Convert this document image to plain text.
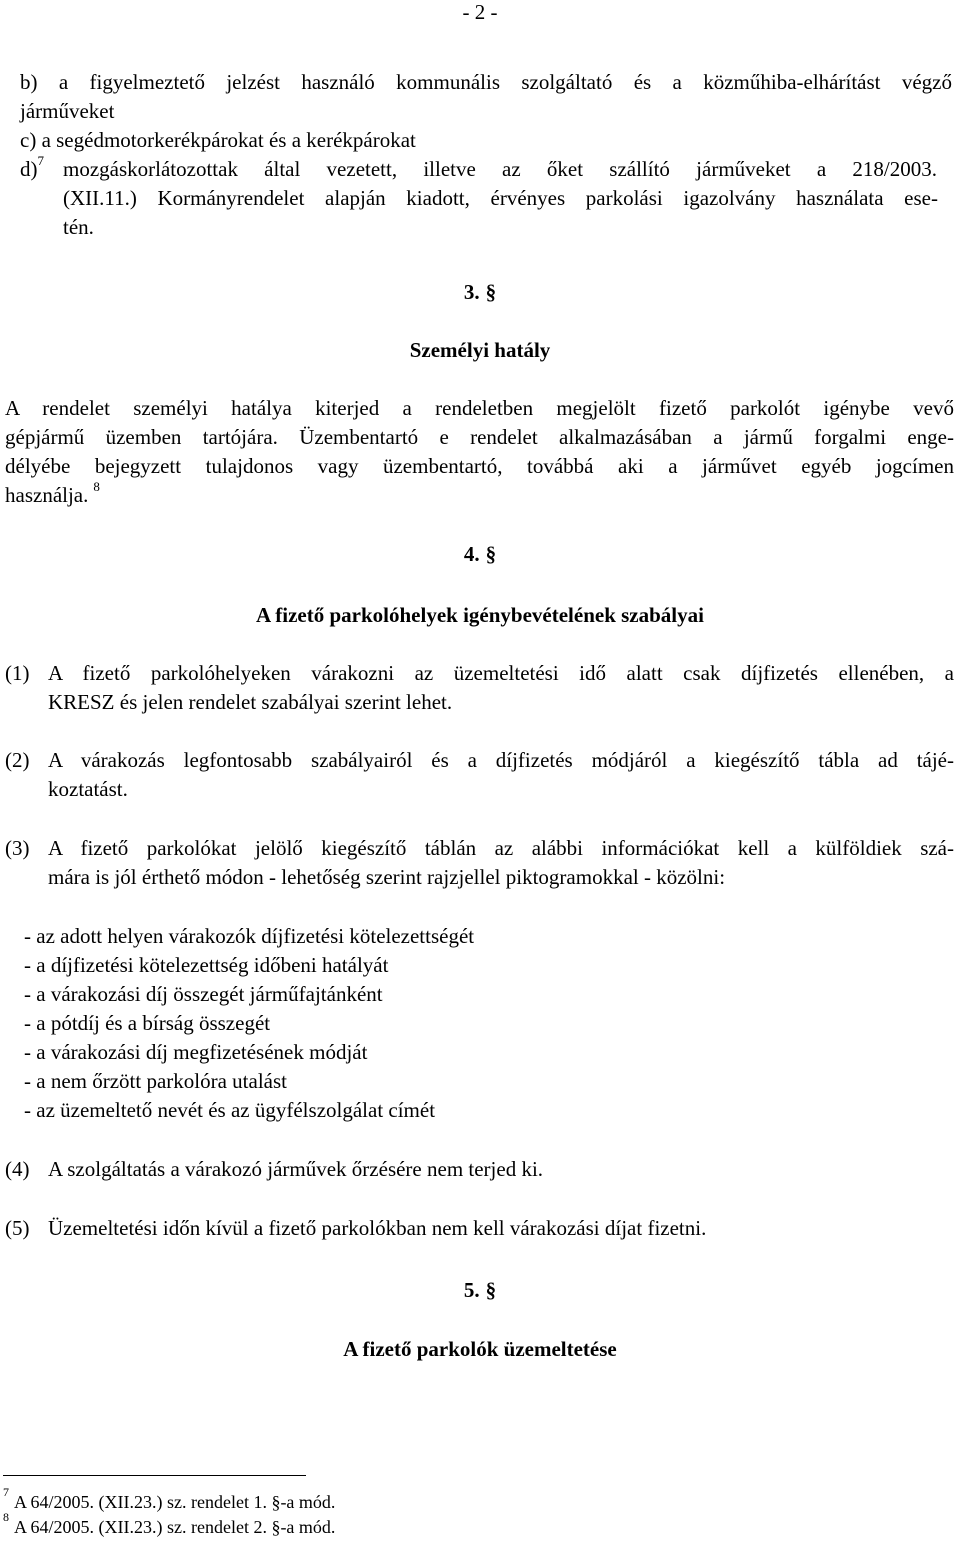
- 2 -
b) a figyelmeztető jelzést használó kommunális szolgáltató és a közműhiba-elhárítást végző
járműveket
c) a segédmotorkerékpárokat és a kerékpárokat
d)$^7$ mozgáskorlátozottak által vezetett, illetve az őket szállító járműveket a 218/2003.
(XII.11.) Kormányrendelet alapján kiadott, érvényes parkolási igazolvány használata ese-
tén.
3. §
Személyi hatály
A rendelet személyi hatálya kiterjed a rendeletben megjelölt fizető parkolót igénybe vevő
gépjármű üzemben tartójára. Üzembentartó e rendelet alkalmazásában a jármű forgalmi enge-
délyébe bejegyzett tulajdonos vagy üzembentartó, továbbá aki a járművet egyéb jogcímen
használja. $^8$
4. §
A fizető parkolóhelyek igénybevételének szabályai
(1) A fizető parkolóhelyeken várakozni az üzemeltetési idő alatt csak díjfizetés ellenében, a
KRESZ és jelen rendelet szabályai szerint lehet.
(2) A várakozás legfontosabb szabályairól és a díjfizetés módjáról a kiegészítő tábla ad tájé-
koztatást.
(3) A fizető parkolókat jelölő kiegészítő táblán az alábbi információkat kell a külföldiek szá-
mára is jól érthető módon - lehetőség szerint rajzjellel piktogramokkal - közölni:
- az adott helyen várakozók díjfizetési kötelezettségét
- a díjfizetési kötelezettség időbeni hatályát
- a várakozási díj összegét járműfajtánként
- a pótdíj és a bírság összegét
- a várakozási díj megfizetésének módját
- a nem őrzött parkolóra utalást
- az üzemeltető nevét és az ügyfélszolgálat címét
(4) A szolgáltatás a várakozó járművek őrzésére nem terjed ki.
(5) Üzemeltetési időn kívül a fizető parkolókban nem kell várakozási díjat fizetni.
5. §
A fizető parkolók üzemeltetése
$^7$ A 64/2005. (XII.23.) sz. rendelet 1. §-a mód.
$^8$ A 64/2005. (XII.23.) sz. rendelet 2. §-a mód.
